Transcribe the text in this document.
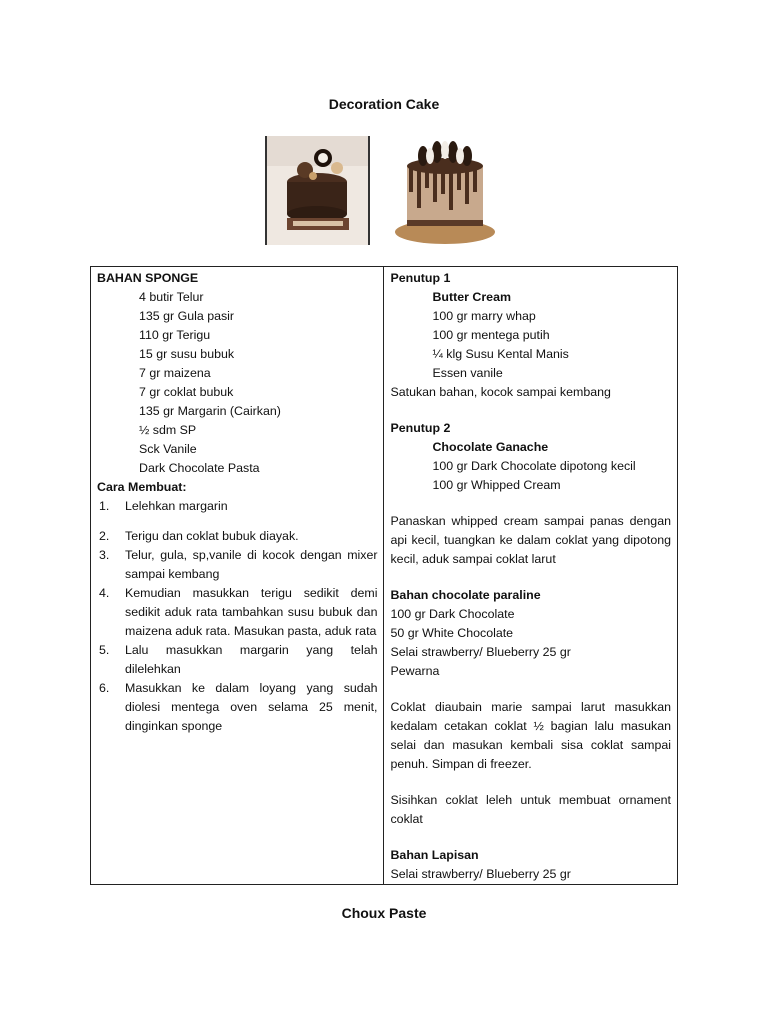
Decoration Cake
BAHAN SPONGE
4 butir Telur
135 gr Gula pasir
110 gr Terigu
15 gr susu bubuk
7 gr maizena
7 gr coklat bubuk
135 gr Margarin (Cairkan)
½ sdm SP
Sck Vanile
Dark Chocolate Pasta
Cara Membuat:
1. Lelehkan margarin
2. Terigu dan coklat bubuk diayak.
3. Telur, gula, sp,vanile di kocok dengan mixer sampai kembang
4. Kemudian masukkan terigu sedikit demi sedikit aduk rata tambahkan susu bubuk dan maizena aduk rata. Masukan pasta, aduk rata
5. Lalu masukkan margarin yang telah dilelehkan
6. Masukkan ke dalam loyang yang sudah diolesi mentega oven selama 25 menit, dinginkan sponge

Penutup 1
Butter Cream
100 gr marry whap
100 gr mentega putih
¼ klg Susu Kental Manis
Essen vanile
Satukan bahan, kocok sampai kembang
Penutup 2
Chocolate Ganache
100 gr Dark Chocolate dipotong kecil
100 gr Whipped Cream
Panaskan whipped cream sampai panas dengan api kecil, tuangkan ke dalam coklat yang dipotong kecil, aduk sampai coklat larut
Bahan chocolate paraline
100 gr Dark Chocolate
50 gr White Chocolate
Selai strawberry/ Blueberry 25 gr
Pewarna
Coklat diaubain marie sampai larut masukkan kedalam cetakan coklat ½ bagian lalu masukan selai dan masukan kembali sisa coklat sampai penuh. Simpan di freezer.
Sisihkan coklat leleh untuk membuat ornament coklat
Bahan Lapisan
Selai strawberry/ Blueberry 25 gr
Choux Paste
